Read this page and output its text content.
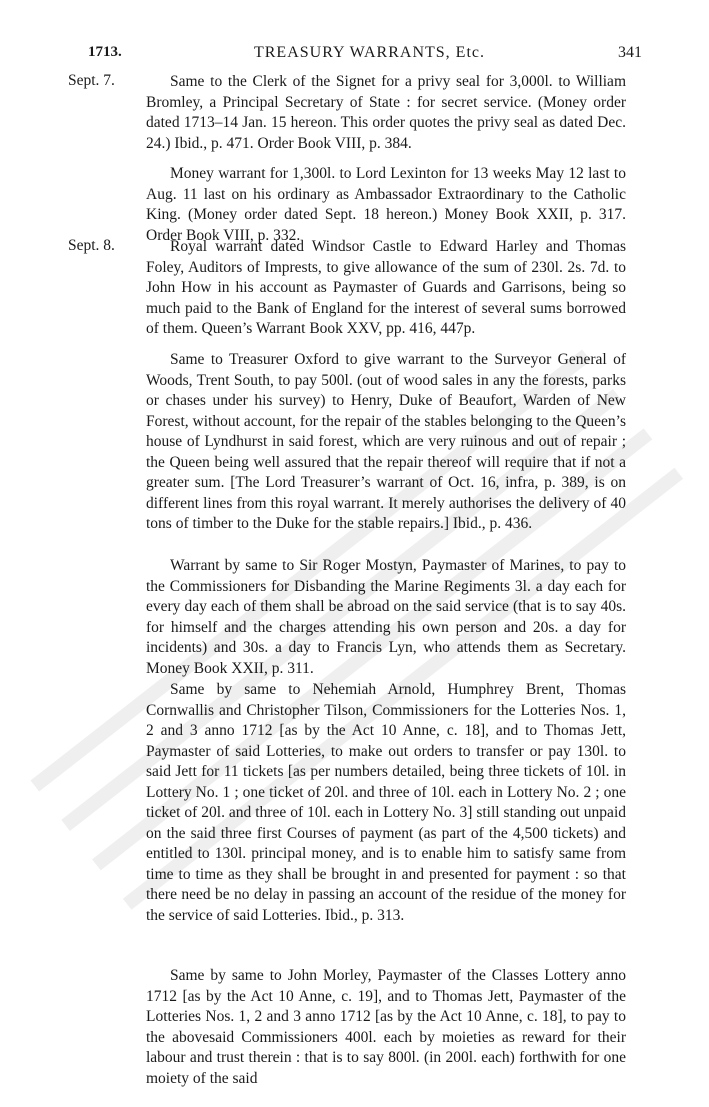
1713.	TREASURY WARRANTS, Etc.	341
Sept. 7.
Sept. 8.

Same to the Clerk of the Signet for a privy seal for 3,000l. to William Bromley, a Principal Secretary of State : for secret service. (Money order dated 1713–14 Jan. 15 hereon. This order quotes the privy seal as dated Dec. 24.) Ibid., p. 471. Order Book VIII, p. 384.

Money warrant for 1,300l. to Lord Lexinton for 13 weeks May 12 last to Aug. 11 last on his ordinary as Ambassador Extraordinary to the Catholic King. (Money order dated Sept. 18 hereon.) Money Book XXII, p. 317. Order Book VIII, p. 332.

Royal warrant dated Windsor Castle to Edward Harley and Thomas Foley, Auditors of Imprests, to give allowance of the sum of 230l. 2s. 7d. to John How in his account as Paymaster of Guards and Garrisons, being so much paid to the Bank of England for the interest of several sums borrowed of them. Queen’s Warrant Book XXV, pp. 416, 447p.

Same to Treasurer Oxford to give warrant to the Surveyor General of Woods, Trent South, to pay 500l. (out of wood sales in any the forests, parks or chases under his survey) to Henry, Duke of Beaufort, Warden of New Forest, without account, for the repair of the stables belonging to the Queen’s house of Lyndhurst in said forest, which are very ruinous and out of repair ; the Queen being well assured that the repair thereof will require that if not a greater sum. [The Lord Treasurer’s warrant of Oct. 16, infra, p. 389, is on different lines from this royal warrant. It merely authorises the delivery of 40 tons of timber to the Duke for the stable repairs.] Ibid., p. 436.

Warrant by same to Sir Roger Mostyn, Paymaster of Marines, to pay to the Commissioners for Disbanding the Marine Regiments 3l. a day each for every day each of them shall be abroad on the said service (that is to say 40s. for himself and the charges attending his own person and 20s. a day for incidents) and 30s. a day to Francis Lyn, who attends them as Secretary. Money Book XXII, p. 311.

Same by same to Nehemiah Arnold, Humphrey Brent, Thomas Cornwallis and Christopher Tilson, Commissioners for the Lotteries Nos. 1, 2 and 3 anno 1712 [as by the Act 10 Anne, c. 18], and to Thomas Jett, Paymaster of said Lotteries, to make out orders to transfer or pay 130l. to said Jett for 11 tickets [as per numbers detailed, being three tickets of 10l. in Lottery No. 1 ; one ticket of 20l. and three of 10l. each in Lottery No. 2 ; one ticket of 20l. and three of 10l. each in Lottery No. 3] still standing out unpaid on the said three first Courses of payment (as part of the 4,500 tickets) and entitled to 130l. principal money, and is to enable him to satisfy same from time to time as they shall be brought in and presented for payment : so that there need be no delay in passing an account of the residue of the money for the service of said Lotteries. Ibid., p. 313.

Same by same to John Morley, Paymaster of the Classes Lottery anno 1712 [as by the Act 10 Anne, c. 19], and to Thomas Jett, Paymaster of the Lotteries Nos. 1, 2 and 3 anno 1712 [as by the Act 10 Anne, c. 18], to pay to the abovesaid Commissioners 400l. each by moieties as reward for their labour and trust therein : that is to say 800l. (in 200l. each) forthwith for one moiety of the said
